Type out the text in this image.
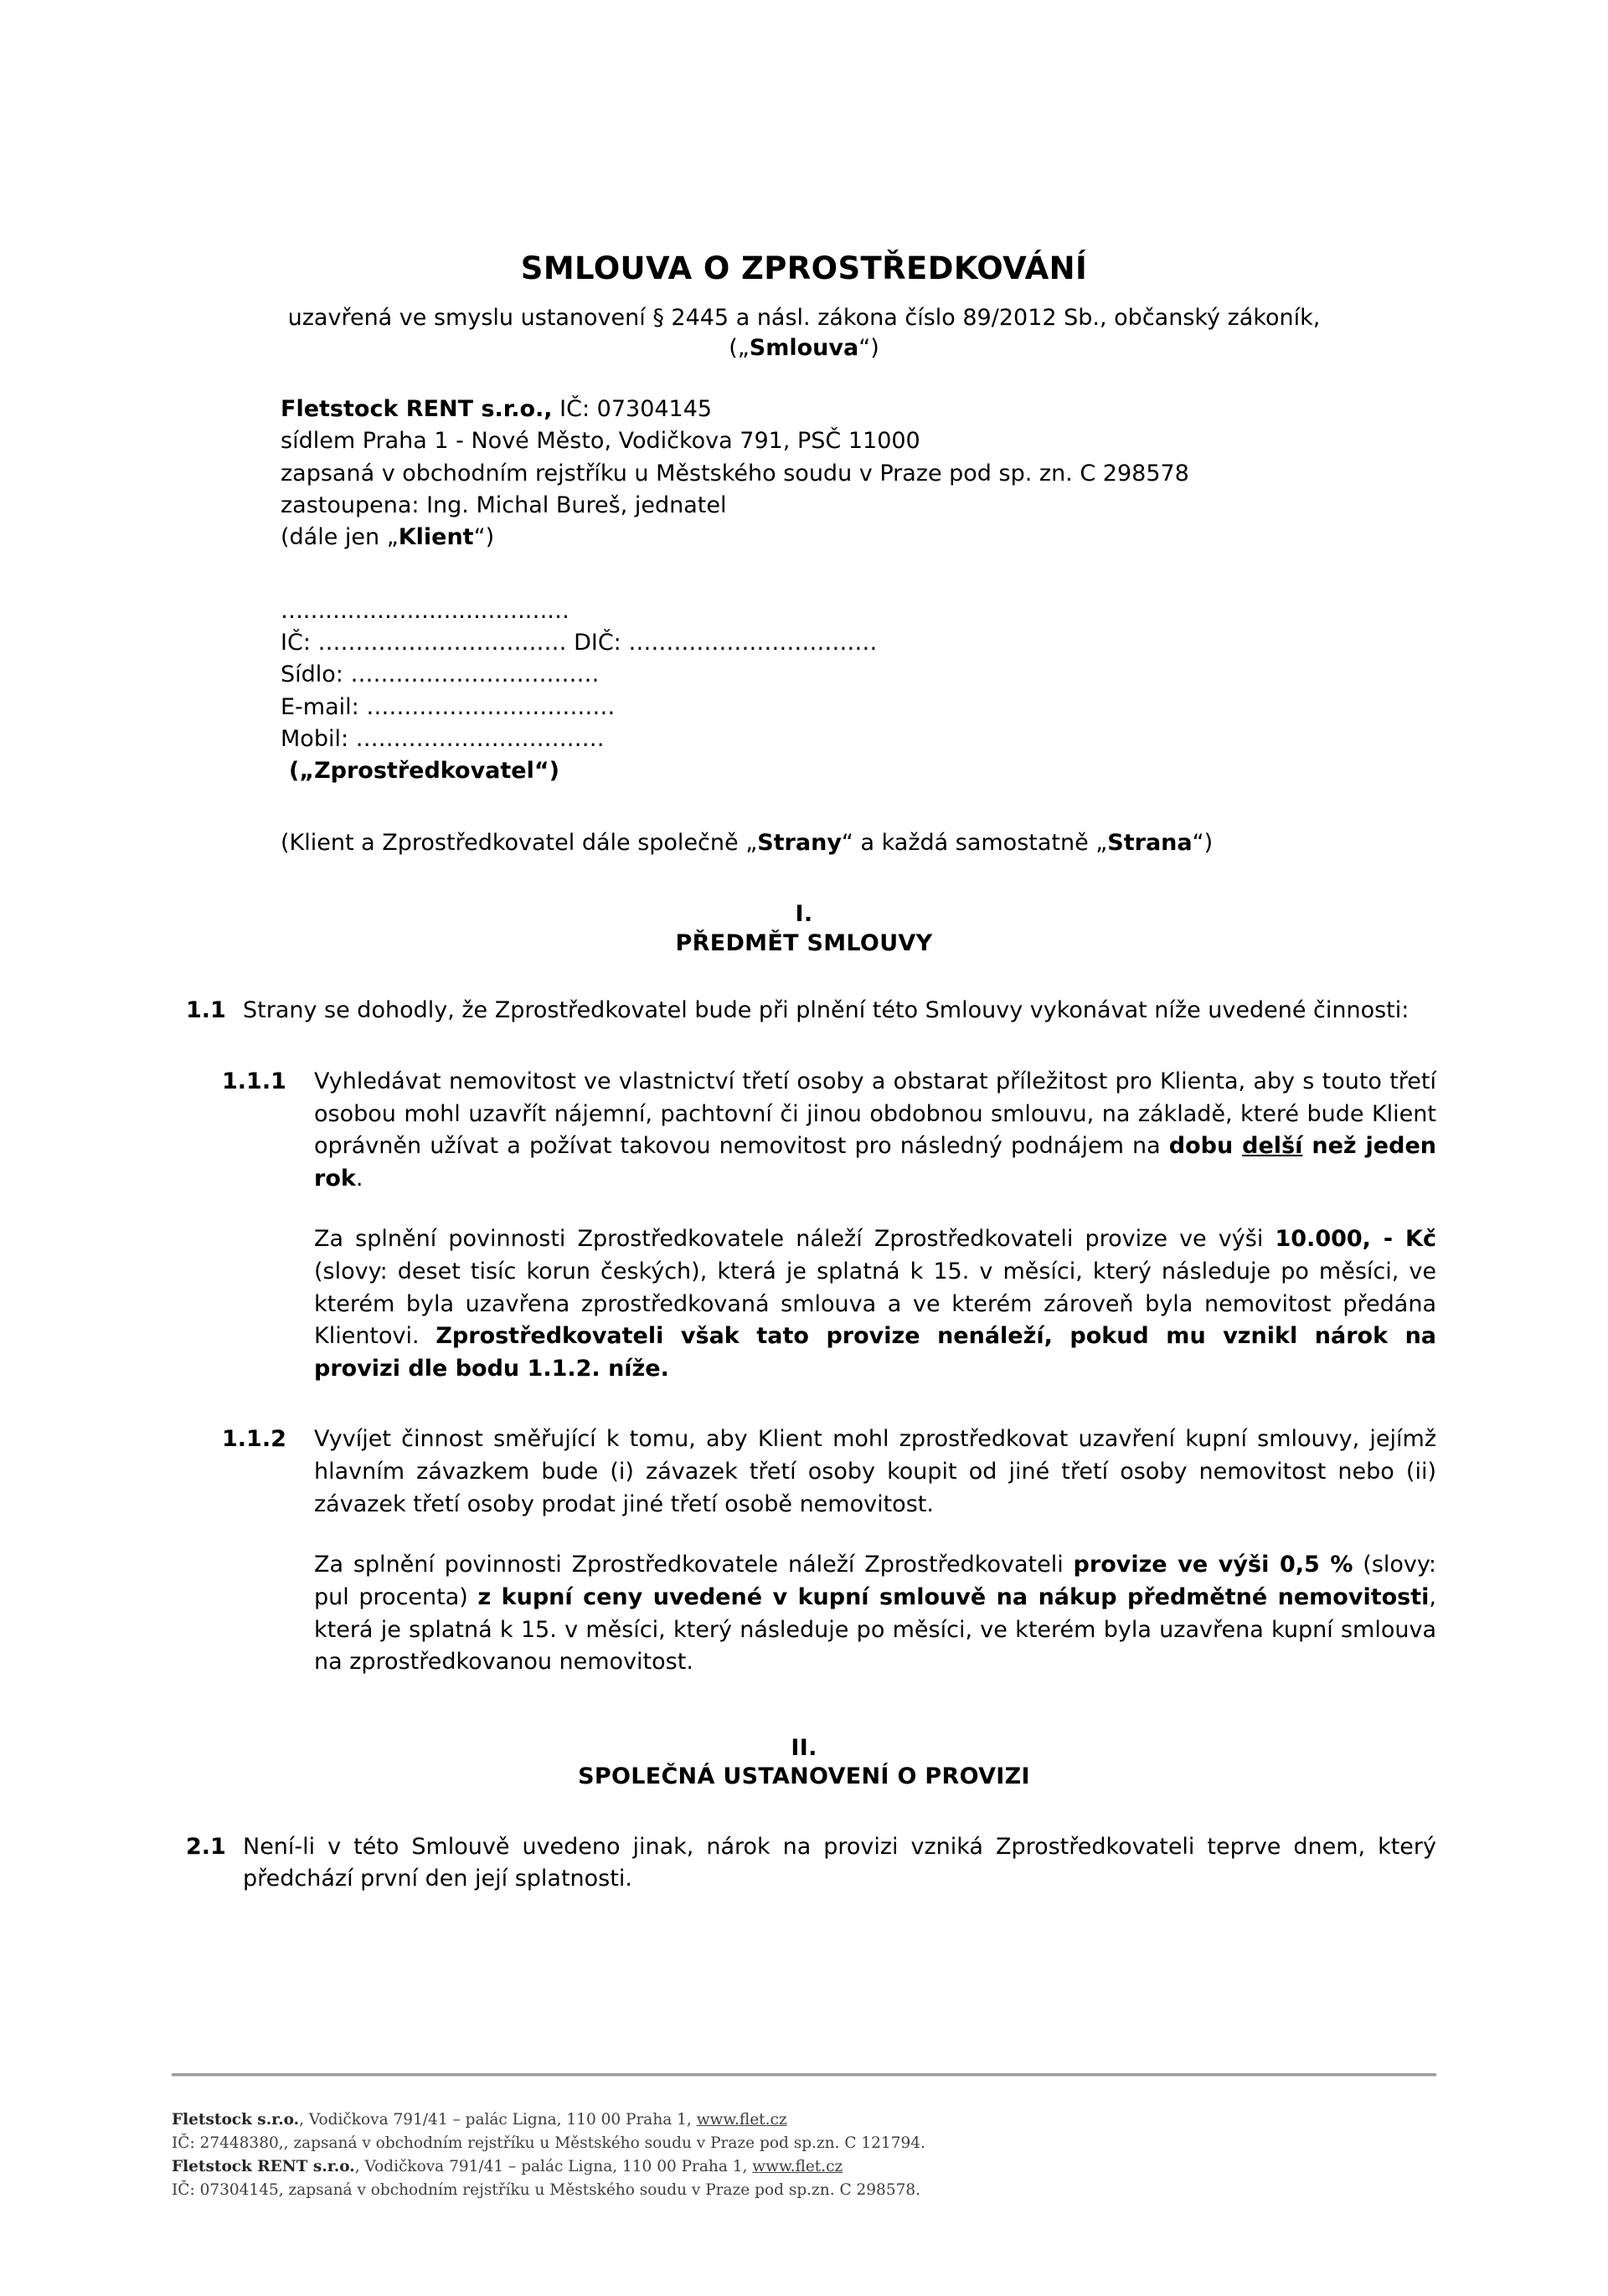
SMLOUVA O ZPROSTŘEDKOVÁNÍ

uzavřená ve smyslu ustanovení § 2445 a násl. zákona číslo 89/2012 Sb., občanský zákoník,
(„Smlouva“)

Fletstock RENT s.r.o., IČ: 07304145
sídlem Praha 1 - Nové Město, Vodičkova 791, PSČ 11000
zapsaná v obchodním rejstříku u Městského soudu v Praze pod sp. zn. C 298578
zastoupena: Ing. Michal Bureš, jednatel
(dále jen „Klient“)
…………………………………
IČ: …………………………… DIČ: ……………………………
Sídlo: ……………………………
E-mail: ……………………………
Mobil: ……………………………
(„Zprostředkovatel“)
(Klient a Zprostředkovatel dále společně „Strany“ a každá samostatně „Strana“)
I.
PŘEDMĚT SMLOUVY
1.1 Strany se dohodly, že Zprostředkovatel bude při plnění této Smlouvy vykonávat níže uvedené činnosti:
1.1.1	Vyhledávat nemovitost ve vlastnictví třetí osoby a obstarat příležitost pro Klienta, aby s touto třetí osobou mohl uzavřít nájemní, pachtovní či jinou obdobnou smlouvu, na základě, které bude Klient oprávněn užívat a požívat takovou nemovitost pro následný podnájem na dobu delší než jeden rok.
Za splnění povinnosti Zprostředkovatele náleží Zprostředkovateli provize ve výši 10.000, - Kč (slovy: deset tisíc korun českých), která je splatná k 15. v měsíci, který následuje po měsíci, ve kterém byla uzavřena zprostředkovaná smlouva a ve kterém zároveň byla nemovitost předána Klientovi. Zprostředkovateli však tato provize nenáleží, pokud mu vznikl nárok na provizi dle bodu 1.1.2. níže.
1.1.2	Vyvíjet činnost směřující k tomu, aby Klient mohl zprostředkovat uzavření kupní smlouvy, jejímž hlavním závazkem bude (i) závazek třetí osoby koupit od jiné třetí osoby nemovitost nebo (ii) závazek třetí osoby prodat jiné třetí osobě nemovitost.
Za splnění povinnosti Zprostředkovatele náleží Zprostředkovateli provize ve výši 0,5 % (slovy: pul procenta) z kupní ceny uvedené v kupní smlouvě na nákup předmětné nemovitosti, která je splatná k 15. v měsíci, který následuje po měsíci, ve kterém byla uzavřena kupní smlouva na zprostředkovanou nemovitost.
II.
SPOLEČNÁ USTANOVENÍ O PROVIZI
2.1 Není-li v této Smlouvě uvedeno jinak, nárok na provizi vzniká Zprostředkovateli teprve dnem, který předchází první den její splatnosti.
Fletstock s.r.o., Vodičkova 791/41 – palác Ligna, 110 00 Praha 1, www.flet.cz
IČ: 27448380,, zapsaná v obchodním rejstříku u Městského soudu v Praze pod sp.zn. C 121794.
Fletstock RENT s.r.o., Vodičkova 791/41 – palác Ligna, 110 00 Praha 1, www.flet.cz
IČ: 07304145, zapsaná v obchodním rejstříku u Městského soudu v Praze pod sp.zn. C 298578.
